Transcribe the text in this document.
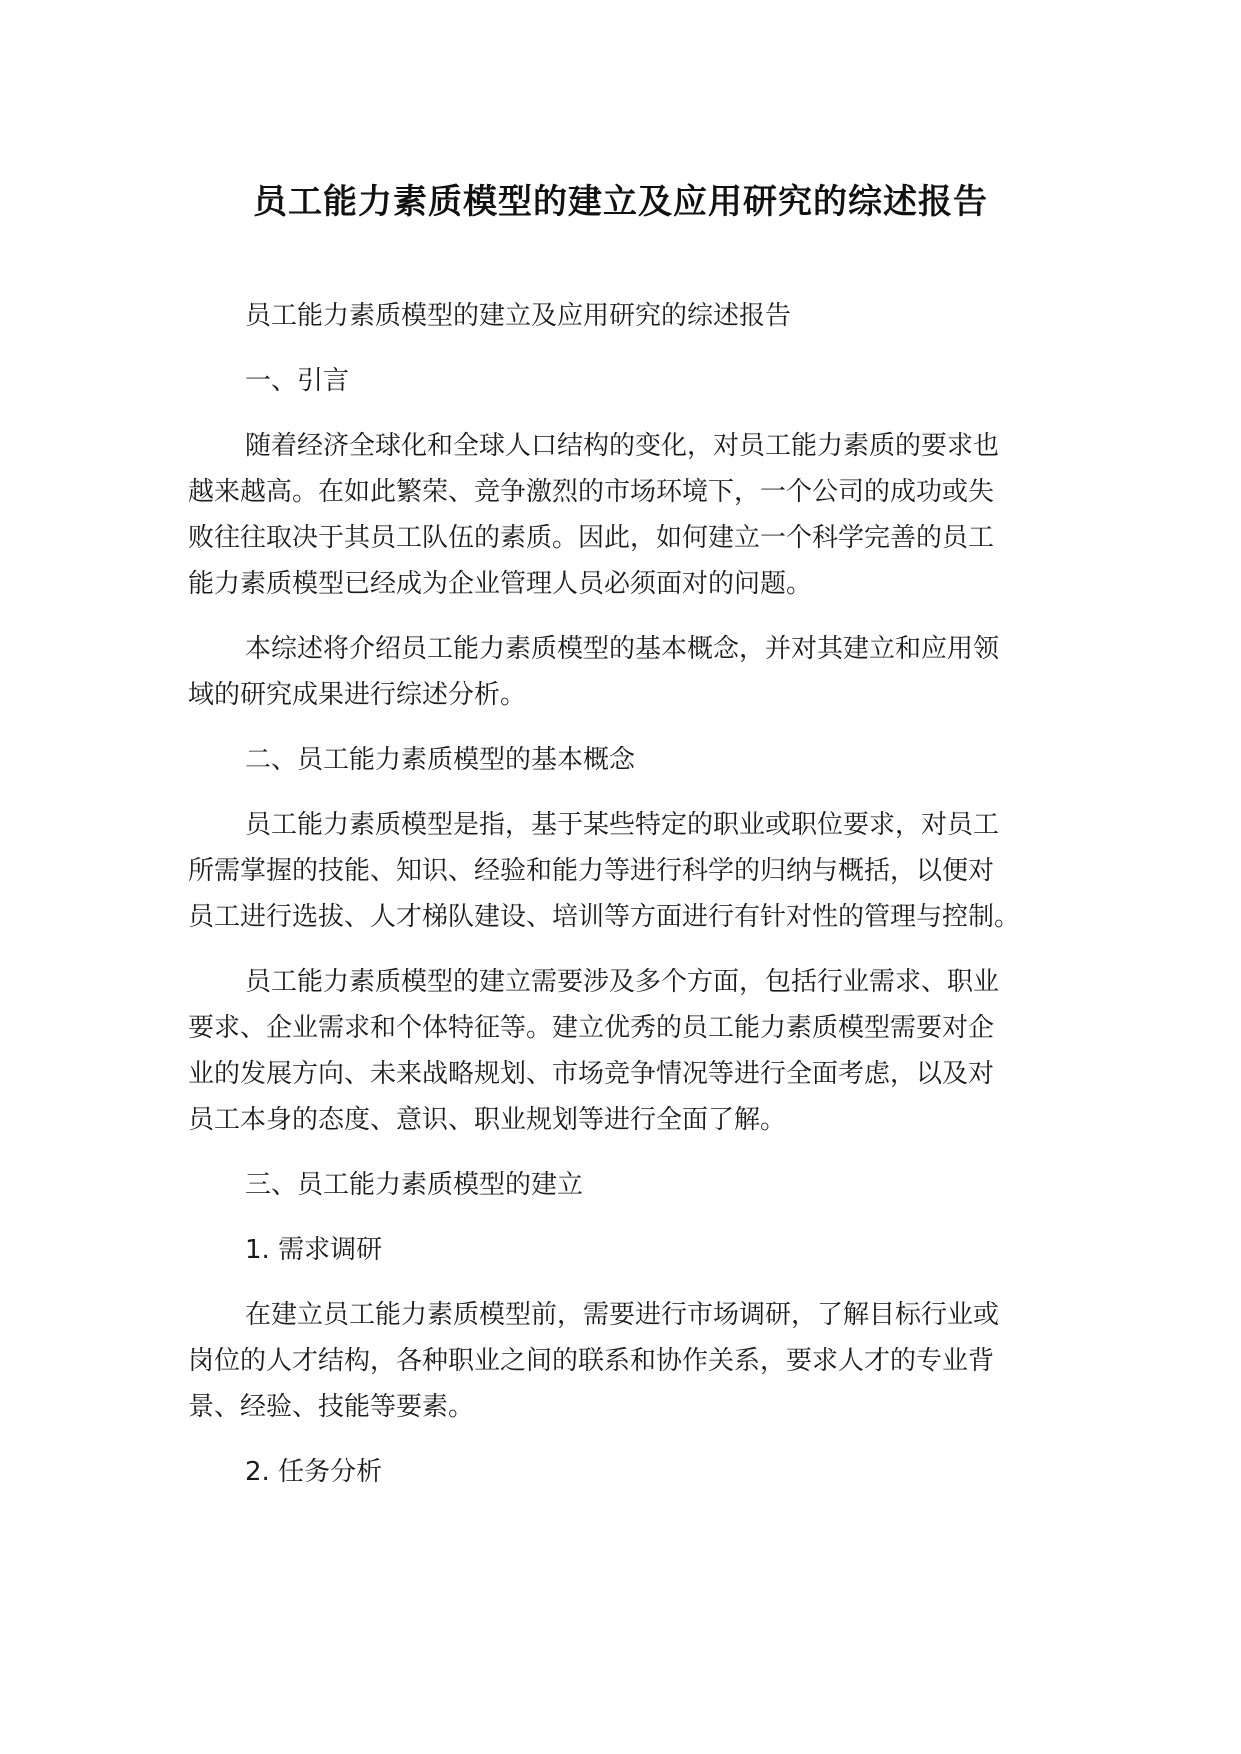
员工能力素质模型的建立及应用研究的综述报告
员工能力素质模型的建立及应用研究的综述报告
一、引言
随着经济全球化和全球人口结构的变化，对员工能力素质的要求也
越来越高。在如此繁荣、竞争激烈的市场环境下，一个公司的成功或失
败往往取决于其员工队伍的素质。因此，如何建立一个科学完善的员工
能力素质模型已经成为企业管理人员必须面对的问题。
本综述将介绍员工能力素质模型的基本概念，并对其建立和应用领
域的研究成果进行综述分析。
二、员工能力素质模型的基本概念
员工能力素质模型是指，基于某些特定的职业或职位要求，对员工
所需掌握的技能、知识、经验和能力等进行科学的归纳与概括，以便对
员工进行选拔、人才梯队建设、培训等方面进行有针对性的管理与控制。
员工能力素质模型的建立需要涉及多个方面，包括行业需求、职业
要求、企业需求和个体特征等。建立优秀的员工能力素质模型需要对企
业的发展方向、未来战略规划、市场竞争情况等进行全面考虑，以及对
员工本身的态度、意识、职业规划等进行全面了解。
三、员工能力素质模型的建立
1. 需求调研
在建立员工能力素质模型前，需要进行市场调研，了解目标行业或
岗位的人才结构，各种职业之间的联系和协作关系，要求人才的专业背
景、经验、技能等要素。
2. 任务分析
